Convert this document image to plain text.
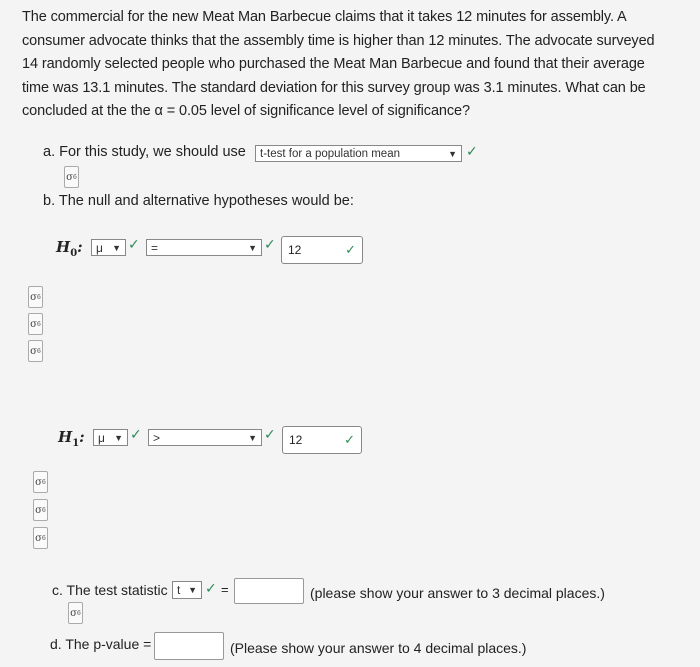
The commercial for the new Meat Man Barbecue claims that it takes 12 minutes for assembly. A
consumer advocate thinks that the assembly time is higher than 12 minutes. The advocate surveyed
14 randomly selected people who purchased the Meat Man Barbecue and found that their average
time was 13.1 minutes. The standard deviation for this survey group was 3.1 minutes. What can be
concluded at the the α = 0.05 level of significance level of significance?

a. For this study, we should use t-test for a population mean	▼ ✓
σ 6
b. The null and alternative hypotheses would be:
$H_0$: μ	▼ ✓ =	▼ ✓ 12	✓
σ 6
σ 6
σ 6
$H_1$: μ	▼ ✓ >	▼ ✓ 12	✓
σ 6
σ 6
σ 6
c. The test statistic t ▼ ✓ =	(please show your answer to 3 decimal places.)
σ 6
d. The p-value =	(Please show your answer to 4 decimal places.)
